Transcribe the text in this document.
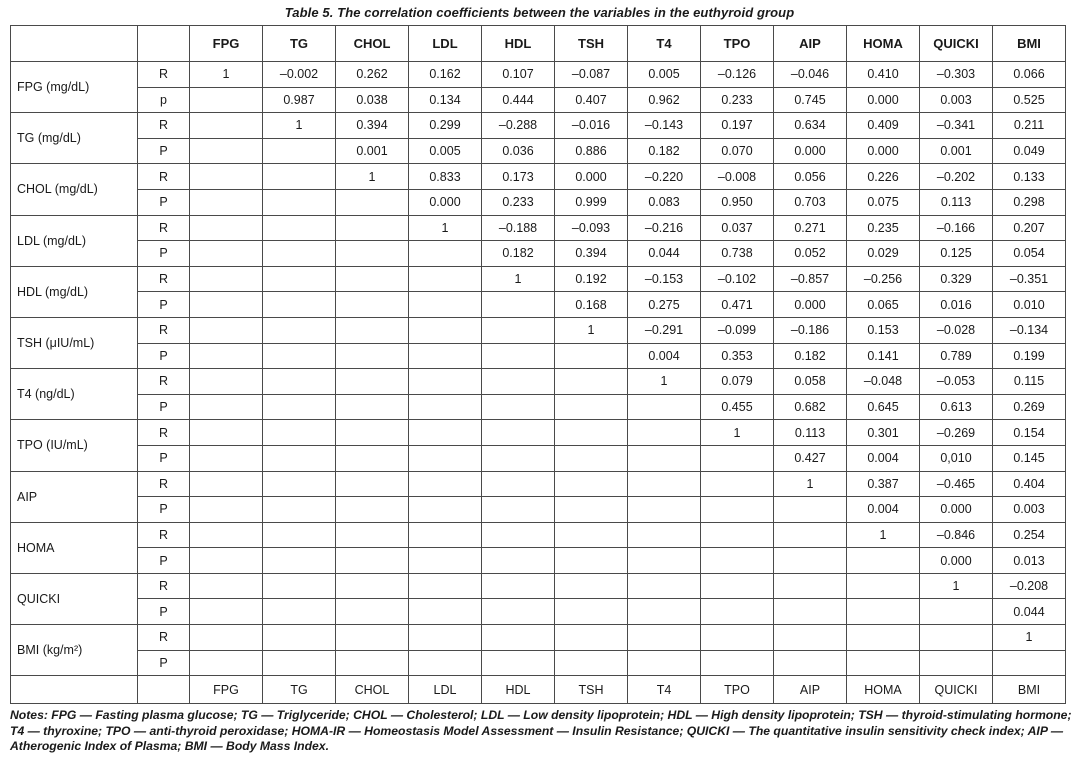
Table 5. The correlation coefficients between the variables in the euthyroid group
		FPG	TG	CHOL	LDL	HDL	TSH	T4	TPO	AIP	HOMA	QUICKI	BMI
FPG (mg/dL)	R	1	–0.002	0.262	0.162	0.107	–0.087	0.005	–0.126	–0.046	0.410	–0.303	0.066
	p		0.987	0.038	0.134	0.444	0.407	0.962	0.233	0.745	0.000	0.003	0.525
TG (mg/dL)	R		1	0.394	0.299	–0.288	–0.016	–0.143	0.197	0.634	0.409	–0.341	0.211
	P			0.001	0.005	0.036	0.886	0.182	0.070	0.000	0.000	0.001	0.049
CHOL (mg/dL)	R			1	0.833	0.173	0.000	–0.220	–0.008	0.056	0.226	–0.202	0.133
	P				0.000	0.233	0.999	0.083	0.950	0.703	0.075	0.113	0.298
LDL (mg/dL)	R				1	–0.188	–0.093	–0.216	0.037	0.271	0.235	–0.166	0.207
	P					0.182	0.394	0.044	0.738	0.052	0.029	0.125	0.054
HDL (mg/dL)	R					1	0.192	–0.153	–0.102	–0.857	–0.256	0.329	–0.351
	P						0.168	0.275	0.471	0.000	0.065	0.016	0.010
TSH (μIU/mL)	R						1	–0.291	–0.099	–0.186	0.153	–0.028	–0.134
	P							0.004	0.353	0.182	0.141	0.789	0.199
T4 (ng/dL)	R							1	0.079	0.058	–0.048	–0.053	0.115
	P								0.455	0.682	0.645	0.613	0.269
TPO (IU/mL)	R								1	0.113	0.301	–0.269	0.154
	P									0.427	0.004	0,010	0.145
AIP	R									1	0.387	–0.465	0.404
	P										0.004	0.000	0.003
HOMA	R										1	–0.846	0.254
	P											0.000	0.013
QUICKI	R											1	–0.208
	P												0.044
BMI (kg/m²)	R												1
	P												
		FPG	TG	CHOL	LDL	HDL	TSH	T4	TPO	AIP	HOMA	QUICKI	BMI
Notes: FPG — Fasting plasma glucose; TG — Triglyceride; CHOL — Cholesterol; LDL — Low density lipoprotein; HDL — High density lipoprotein; TSH — thyroid-stimulating hormone; T4 — thyroxine; TPO — anti-thyroid peroxidase; HOMA-IR — Homeostasis Model Assessment — Insulin Resistance; QUICKI — The quantitative insulin sensitivity check index; AIP — Atherogenic Index of Plasma; BMI — Body Mass Index.
